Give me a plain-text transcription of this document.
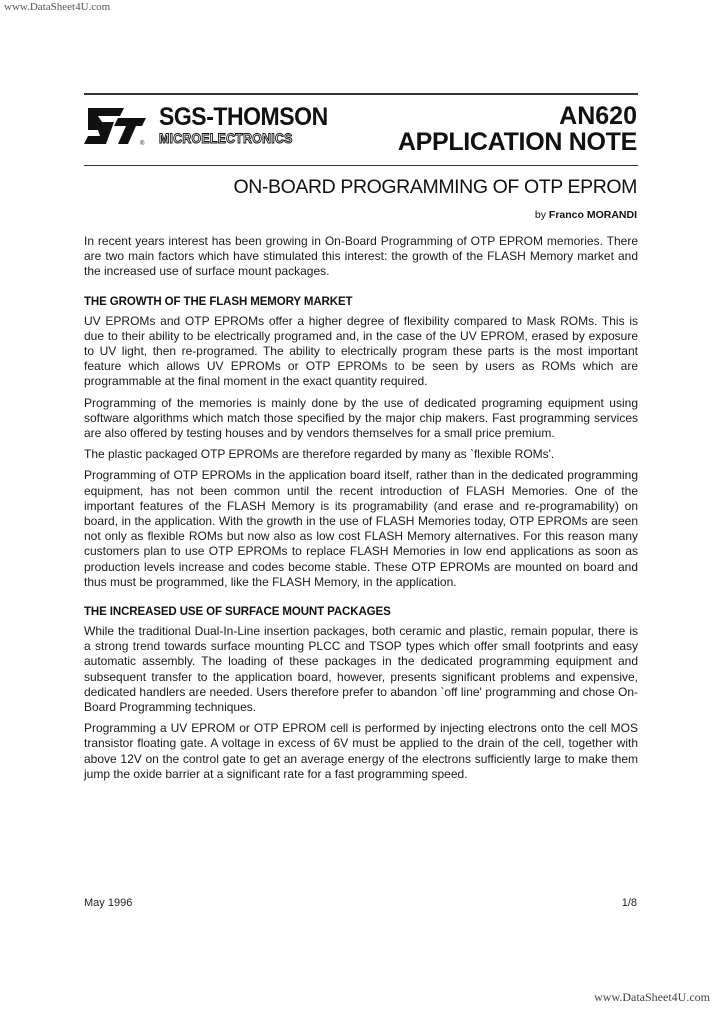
www.DataSheet4U.com
®
SGS-THOMSON
MICROELECTRONICS
AN620
APPLICATION NOTE
ON-BOARD PROGRAMMING OF OTP EPROM
by Franco MORANDI

In recent years interest has been growing in On-Board Programming of OTP EPROM memories. There are two main factors which have stimulated this interest: the growth of the FLASH Memory market and the increased use of surface mount packages.

THE GROWTH OF THE FLASH MEMORY MARKET

UV EPROMs and OTP EPROMs offer a higher degree of flexibility compared to Mask ROMs. This is due to their ability to be electrically programed and, in the case of the UV EPROM, erased by exposure to UV light, then re-programed. The ability to electrically program these parts is the most important feature which allows UV EPROMs or OTP EPROMs to be seen by users as ROMs which are programmable at the final moment in the exact quantity required.

Programming of the memories is mainly done by the use of dedicated programing equipment using software algorithms which match those specified by the major chip makers. Fast programming services are also offered by testing houses and by vendors themselves for a small price premium.

The plastic packaged OTP EPROMs are therefore regarded by many as `flexible ROMs'.

Programming of OTP EPROMs in the application board itself, rather than in the dedicated programming equipment, has not been common until the recent introduction of FLASH Memories. One of the important features of the FLASH Memory is its programability (and erase and re-programability) on board, in the application. With the growth in the use of FLASH Memories today, OTP EPROMs are seen not only as flexible ROMs but now also as low cost FLASH Memory alternatives. For this reason many customers plan to use OTP EPROMs to replace FLASH Memories in low end applications as soon as production levels increase and codes become stable. These OTP EPROMs are mounted on board and thus must be programmed, like the FLASH Memory, in the application.

THE INCREASED USE OF SURFACE MOUNT PACKAGES

While the traditional Dual-In-Line insertion packages, both ceramic and plastic, remain popular, there is a strong trend towards surface mounting PLCC and TSOP types which offer small footprints and easy automatic assembly. The loading of these packages in the dedicated programming equipment and subsequent transfer to the application board, however, presents significant problems and expensive, dedicated handlers are needed. Users therefore prefer to abandon `off line' programming and chose On-Board Programming techniques.

Programming a UV EPROM or OTP EPROM cell is performed by injecting electrons onto the cell MOS transistor floating gate. A voltage in excess of 6V must be applied to the drain of the cell, together with above 12V on the control gate to get an average energy of the electrons sufficiently large to make them jump the oxide barrier at a significant rate for a fast programming speed.

May 1996	1/8
www.DataSheet4U.com
